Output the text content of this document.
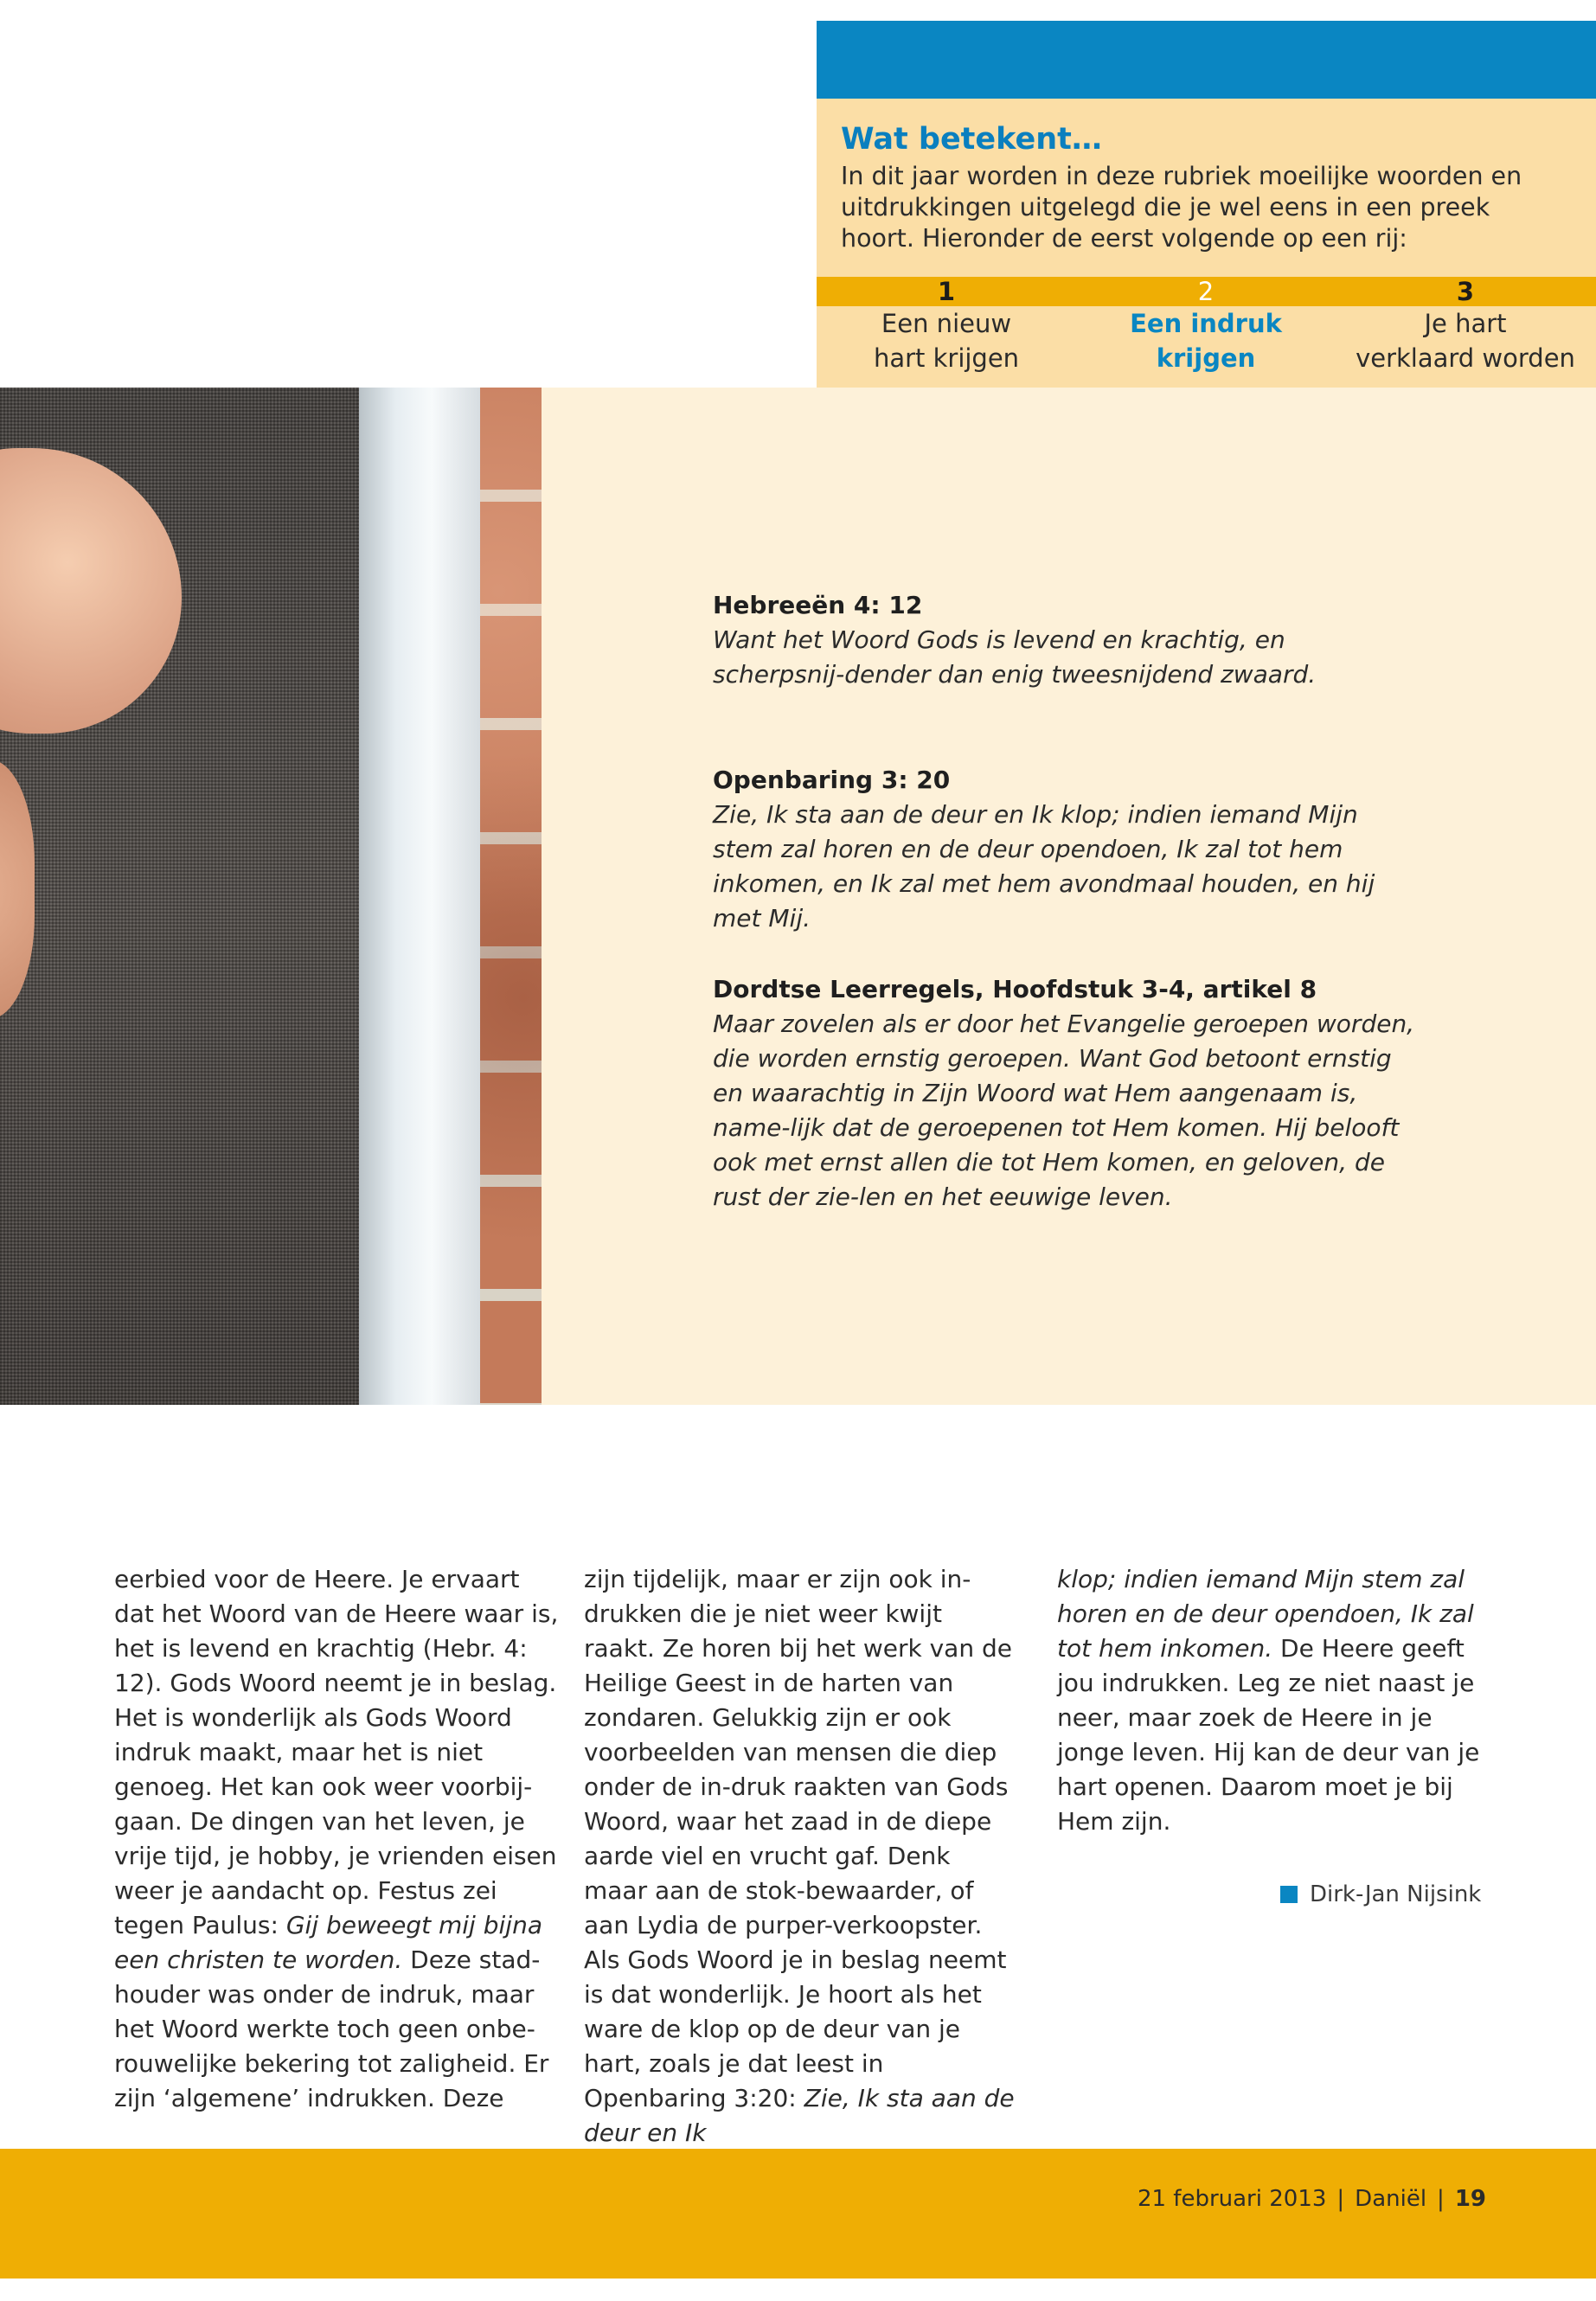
Wat betekent…

In dit jaar worden in deze rubriek moeilijke woorden en uitdrukkingen uitgelegd die je wel eens in een preek hoort. Hieronder de eerst volgende op een rij:

1
Een nieuw
hart krijgen
2
Een indruk
krijgen
3
Je hart
verklaard worden
Hebreeën 4: 12

Want het Woord Gods is levend en krachtig, en scherpsnij-dender dan enig tweesnijdend zwaard.

Openbaring 3: 20

Zie, Ik sta aan de deur en Ik klop; indien iemand Mijn stem zal horen en de deur opendoen, Ik zal tot hem inkomen, en Ik zal met hem avondmaal houden, en hij met Mij.

Dordtse Leerregels, Hoofdstuk 3-4, artikel 8

Maar zovelen als er door het Evangelie geroepen worden, die worden ernstig geroepen. Want God betoont ernstig en waarachtig in Zijn Woord wat Hem aangenaam is, name-lijk dat de geroepenen tot Hem komen. Hij belooft ook met ernst allen die tot Hem komen, en geloven, de rust der zie-len en het eeuwige leven.

eerbied voor de Heere. Je ervaart dat het Woord van de Heere waar is, het is levend en krachtig (Hebr. 4: 12). Gods Woord neemt je in beslag. Het is wonderlijk als Gods Woord indruk maakt, maar het is niet genoeg. Het kan ook weer voorbij-gaan. De dingen van het leven, je vrije tijd, je hobby, je vrienden eisen weer je aandacht op. Festus zei tegen Paulus: Gij beweegt mij bijna een christen te worden. Deze stad-houder was onder de indruk, maar het Woord werkte toch geen onbe-rouwelijke bekering tot zaligheid. Er zijn ‘algemene’ indrukken. Deze

zijn tijdelijk, maar er zijn ook in-drukken die je niet weer kwijt raakt. Ze horen bij het werk van de Heilige Geest in de harten van zondaren. Gelukkig zijn er ook voorbeelden van mensen die diep onder de in-druk raakten van Gods Woord, waar het zaad in de diepe aarde viel en vrucht gaf. Denk maar aan de stok-bewaarder, of aan Lydia de purper-verkoopster.

Als Gods Woord je in beslag neemt is dat wonderlijk. Je hoort als het ware de klop op de deur van je hart, zoals je dat leest in Openbaring 3:20: Zie, Ik sta aan de deur en Ik

klop; indien iemand Mijn stem zal horen en de deur opendoen, Ik zal tot hem inkomen. De Heere geeft jou indrukken. Leg ze niet naast je neer, maar zoek de Heere in je jonge leven. Hij kan de deur van je hart openen. Daarom moet je bij Hem zijn.

Dirk-Jan Nijsink
21 februari 2013 | Daniël | 19
